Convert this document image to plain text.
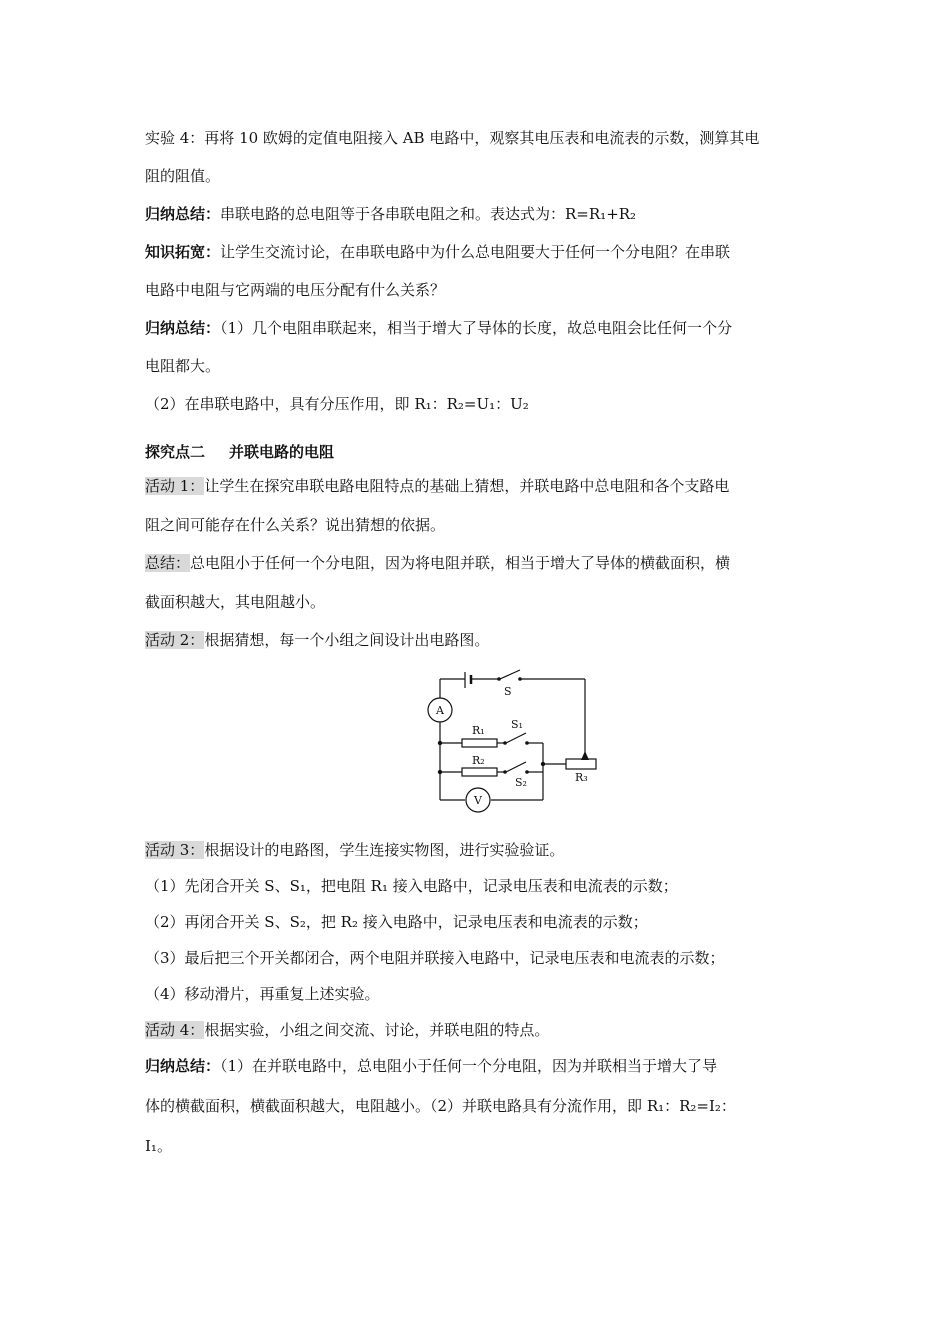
实验 4：再将 10 欧姆的定值电阻接入 AB 电路中，观察其电压表和电流表的示数，测算其电
阻的阻值。
归纳总结：串联电路的总电阻等于各串联电阻之和。表达式为：R=R₁+R₂
知识拓宽：让学生交流讨论，在串联电路中为什么总电阻要大于任何一个分电阻？在串联
电路中电阻与它两端的电压分配有什么关系？
归纳总结：（1）几个电阻串联起来，相当于增大了导体的长度，故总电阻会比任何一个分
电阻都大。
（2）在串联电路中，具有分压作用，即 R₁：R₂=U₁：U₂
探究点二 并联电路的电阻
活动 1：让学生在探究串联电路电阻特点的基础上猜想，并联电路中总电阻和各个支路电
阻之间可能存在什么关系？说出猜想的依据。
总结：总电阻小于任何一个分电阻，因为将电阻并联，相当于增大了导体的横截面积，横
截面积越大，其电阻越小。
活动 2：根据猜想，每一个小组之间设计出电路图。
A
V
S
S₁
S₂
R₁
R₂
R₃
活动 3：根据设计的电路图，学生连接实物图，进行实验验证。
（1）先闭合开关 S、S₁，把电阻 R₁ 接入电路中，记录电压表和电流表的示数；
（2）再闭合开关 S、S₂，把 R₂ 接入电路中，记录电压表和电流表的示数；
（3）最后把三个开关都闭合，两个电阻并联接入电路中，记录电压表和电流表的示数；
（4）移动滑片，再重复上述实验。
活动 4：根据实验，小组之间交流、讨论，并联电阻的特点。
归纳总结：（1）在并联电路中，总电阻小于任何一个分电阻，因为并联相当于增大了导
体的横截面积，横截面积越大，电阻越小。（2）并联电路具有分流作用，即 R₁：R₂=I₂：
I₁。
